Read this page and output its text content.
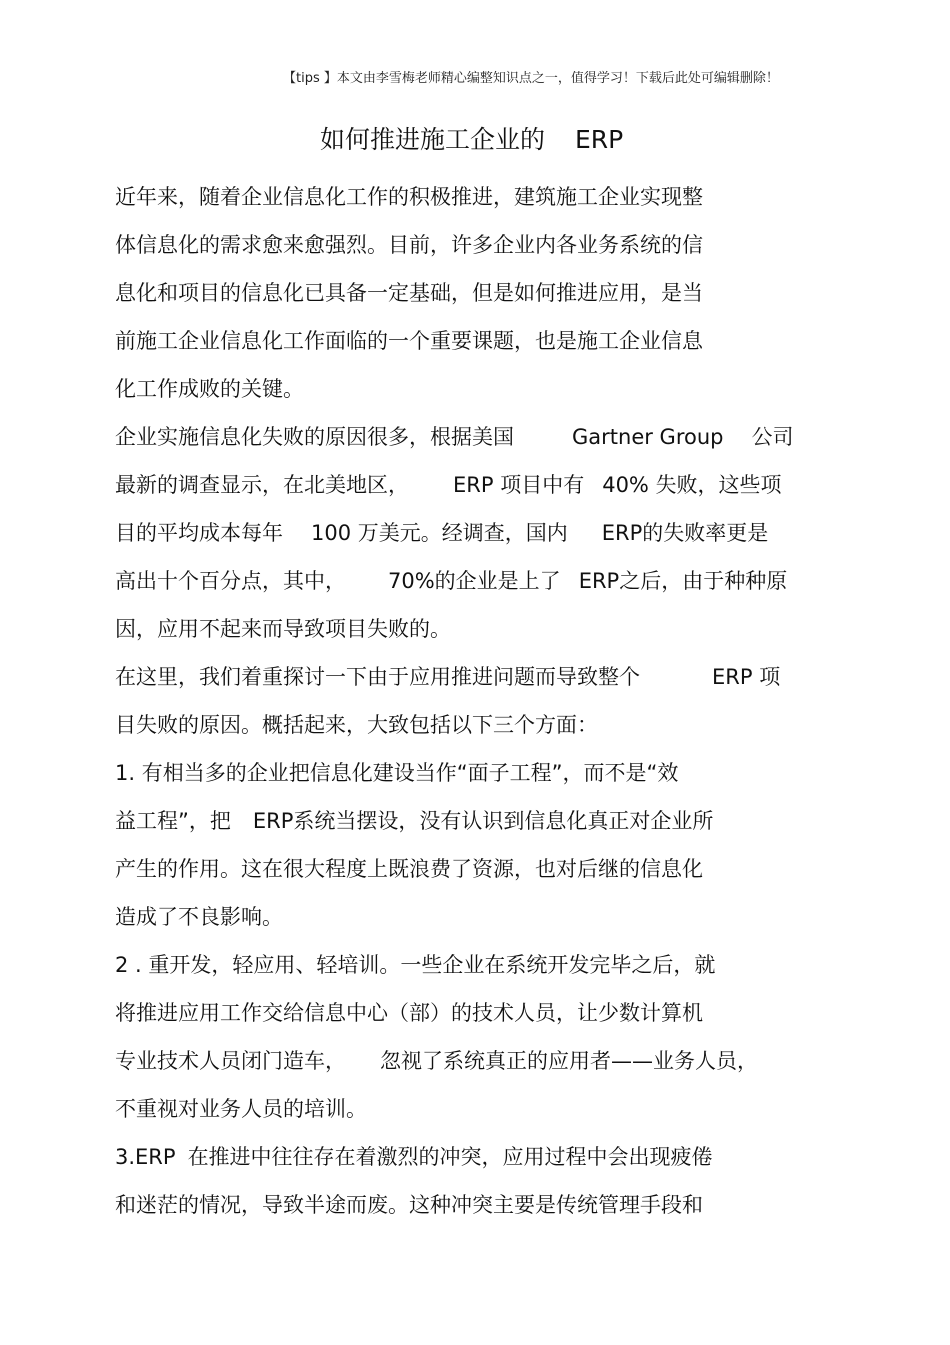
【tips 】本文由李雪梅老师精心编整知识点之一，值得学习！下载后此处可编辑删除！
如何推进施工企业的 ERP
近年来，随着企业信息化工作的积极推进，建筑施工企业实现整
体信息化的需求愈来愈强烈。目前，许多企业内各业务系统的信
息化和项目的信息化已具备一定基础，但是如何推进应用，是当
前施工企业信息化工作面临的一个重要课题，也是施工企业信息
化工作成败的关键。
企业实施信息化失败的原因很多，根据美国	Gartner Group 公司
最新的调查显示，在北美地区， ERP 项目中有 40% 失败，这些项
目的平均成本每年 100 万美元。经调查，国内 ERP的失败率更是
高出十个百分点，其中， 70%的企业是上了 ERP之后，由于种种原
因，应用不起来而导致项目失败的。
在这里，我们着重探讨一下由于应用推进问题而导致整个	ERP 项
目失败的原因。概括起来，大致包括以下三个方面：
1. 有相当多的企业把信息化建设当作“面子工程”，而不是“效
益工程”，把 ERP系统当摆设，没有认识到信息化真正对企业所
产生的作用。这在很大程度上既浪费了资源，也对后继的信息化
造成了不良影响。
2 . 重开发，轻应用、轻培训。一些企业在系统开发完毕之后，就
将推进应用工作交给信息中心（部）的技术人员，让少数计算机
专业技术人员闭门造车， 忽视了系统真正的应用者——业务人员，
不重视对业务人员的培训。
3.ERP 在推进中往往存在着激烈的冲突，应用过程中会出现疲倦
和迷茫的情况，导致半途而废。这种冲突主要是传统管理手段和
